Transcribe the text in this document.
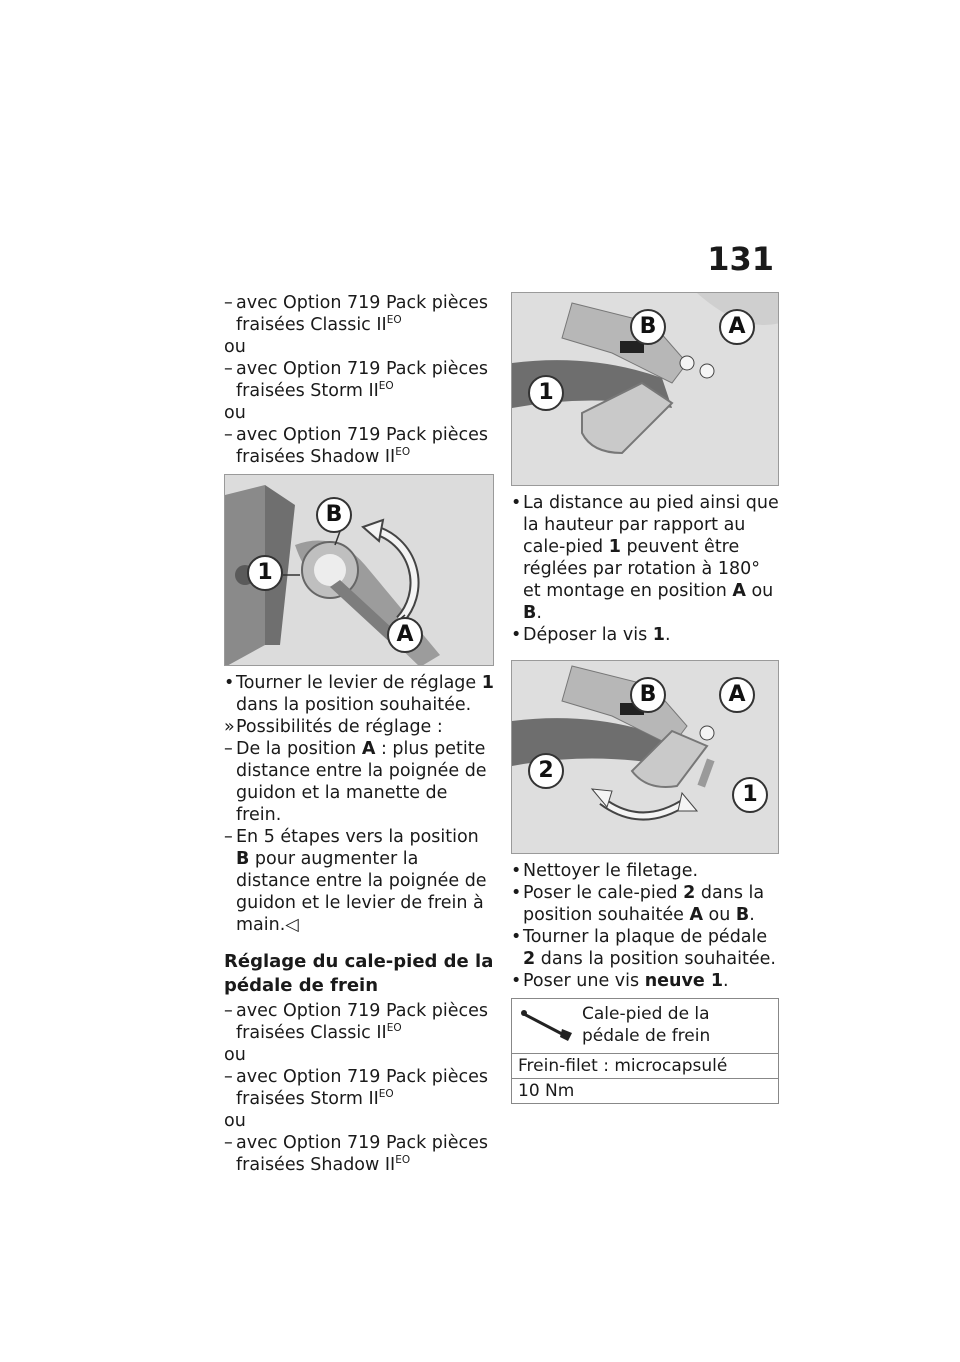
131

– avec Option 719 Pack pièces fraisées Classic $II^{EO}$

ou

– avec Option 719 Pack pièces fraisées Storm $II^{EO}$

ou

– avec Option 719 Pack pièces fraisées Shadow $II^{EO}$

B
1
A

• Tourner le levier de réglage 1 dans la position souhaitée.

» Possibilités de réglage :

– De la position A : plus petite distance entre la poignée de guidon et la manette de frein.

– En 5 étapes vers la position B pour augmenter la distance entre la poignée de guidon et le levier de frein à main.◁

Réglage du cale-pied de la pédale de frein

– avec Option 719 Pack pièces fraisées Classic $II^{EO}$

ou

– avec Option 719 Pack pièces fraisées Storm $II^{EO}$

ou

– avec Option 719 Pack pièces fraisées Shadow $II^{EO}$

B	A
1

• La distance au pied ainsi que la hauteur par rapport au cale-pied 1 peuvent être réglées par rotation à 180° et montage en position A ou B.

• Déposer la vis 1.

B	A
2
1

• Nettoyer le filetage.

• Poser le cale-pied 2 dans la position souhaitée A ou B.

• Tourner la plaque de pédale 2 dans la position souhaitée.

• Poser une vis neuve 1.

Cale-pied de la pédale de frein
Frein-filet : microcapsulé
10 Nm
